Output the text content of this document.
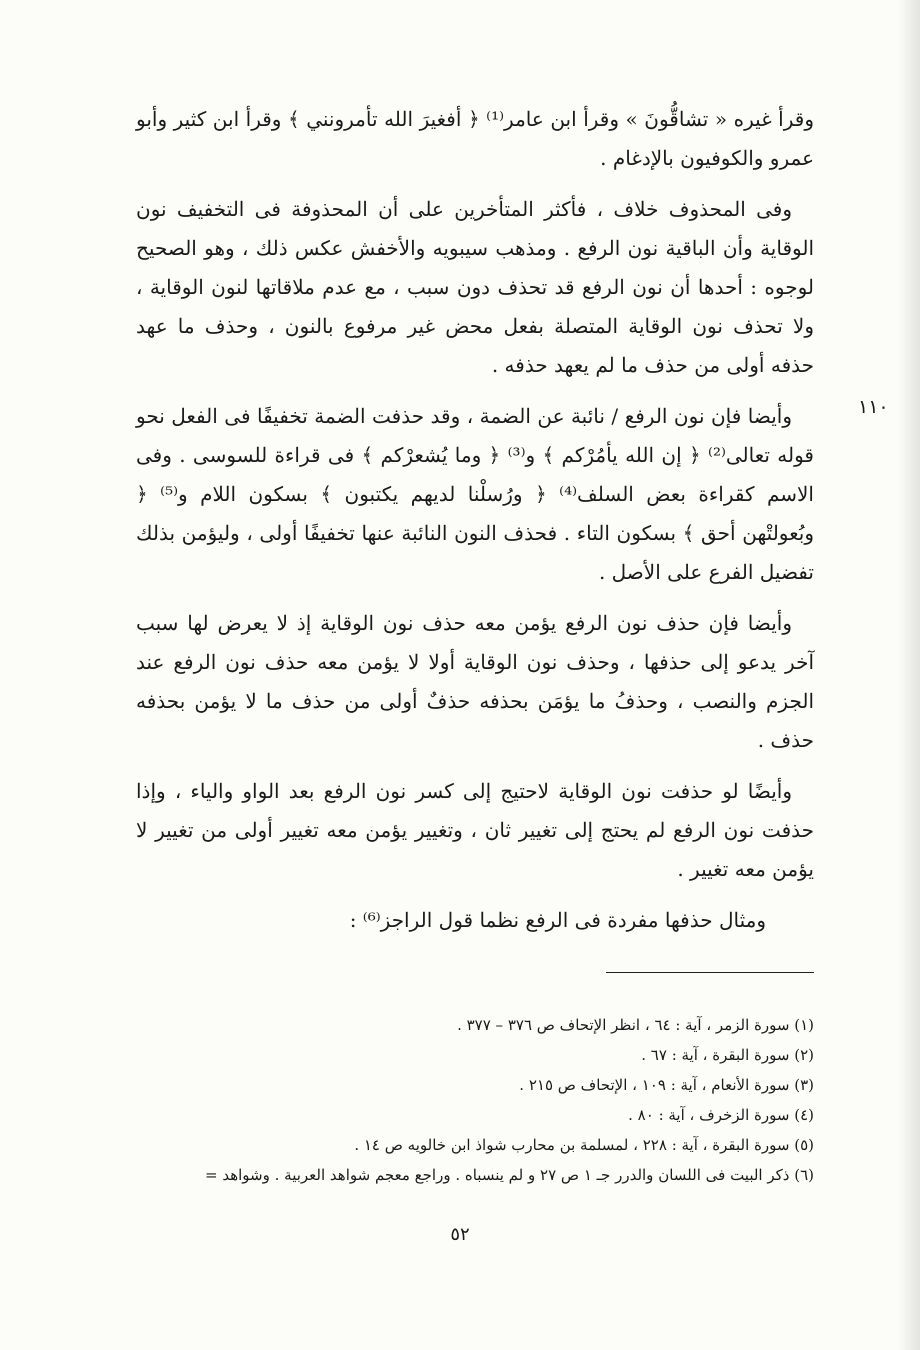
١١٠

وقرأ غيره « تشاقُّونَ » وقرأ ابن عامر⁽¹⁾ ﴿ أفغيرَ الله تأمرونني ﴾ وقرأ ابن كثير وأبو عمرو والكوفيون بالإدغام .

وفى المحذوف خلاف ، فأكثر المتأخرين على أن المحذوفة فى التخفيف نون الوقاية وأن الباقية نون الرفع . ومذهب سيبويه والأخفش عكس ذلك ، وهو الصحيح لوجوه : أحدها أن نون الرفع قد تحذف دون سبب ، مع عدم ملاقاتها لنون الوقاية ، ولا تحذف نون الوقاية المتصلة بفعل محض غير مرفوع بالنون ، وحذف ما عهد حذفه أولى من حذف ما لم يعهد حذفه .

وأيضا فإن نون الرفع / نائبة عن الضمة ، وقد حذفت الضمة تخفيفًا فى الفعل نحو قوله تعالى⁽²⁾ ﴿ إن الله يأمُرْكم ﴾ و⁽³⁾ ﴿ وما يُشعرْكم ﴾ فى قراءة للسوسى . وفى الاسم كقراءة بعض السلف⁽⁴⁾ ﴿ ورُسلْنا لديهم يكتبون ﴾ بسكون اللام و⁽⁵⁾ ﴿ وبُعولتْهن أحق ﴾ بسكون التاء . فحذف النون النائبة عنها تخفيفًا أولى ، وليؤمن بذلك تفضيل الفرع على الأصل .

وأيضا فإن حذف نون الرفع يؤمن معه حذف نون الوقاية إذ لا يعرض لها سبب آخر يدعو إلى حذفها ، وحذف نون الوقاية أولا لا يؤمن معه حذف نون الرفع عند الجزم والنصب ، وحذفُ ما يؤمَن بحذفه حذفٌ أولى من حذف ما لا يؤمن بحذفه حذف .

وأيضًا لو حذفت نون الوقاية لاحتيج إلى كسر نون الرفع بعد الواو والياء ، وإذا حذفت نون الرفع لم يحتج إلى تغيير ثان ، وتغيير يؤمن معه تغيير أولى من تغيير لا يؤمن معه تغيير .

ومثال حذفها مفردة فى الرفع نظما قول الراجز⁽⁶⁾ :

(١) سورة الزمر ، آية : ٦٤ ، انظر الإتحاف ص ٣٧٦ – ٣٧٧ .

(٢) سورة البقرة ، آية : ٦٧ .

(٣) سورة الأنعام ، آية : ١٠٩ ، الإتحاف ص ٢١٥ .

(٤) سورة الزخرف ، آية : ٨٠ .

(٥) سورة البقرة ، آية : ٢٢٨ ، لمسلمة بن محارب شواذ ابن خالويه ص ١٤ .

(٦) ذكر البيت فى اللسان والدرر جـ ١ ص ٢٧ و لم ينسباه . وراجع معجم شواهد العربية . وشواهد =

٥٢
